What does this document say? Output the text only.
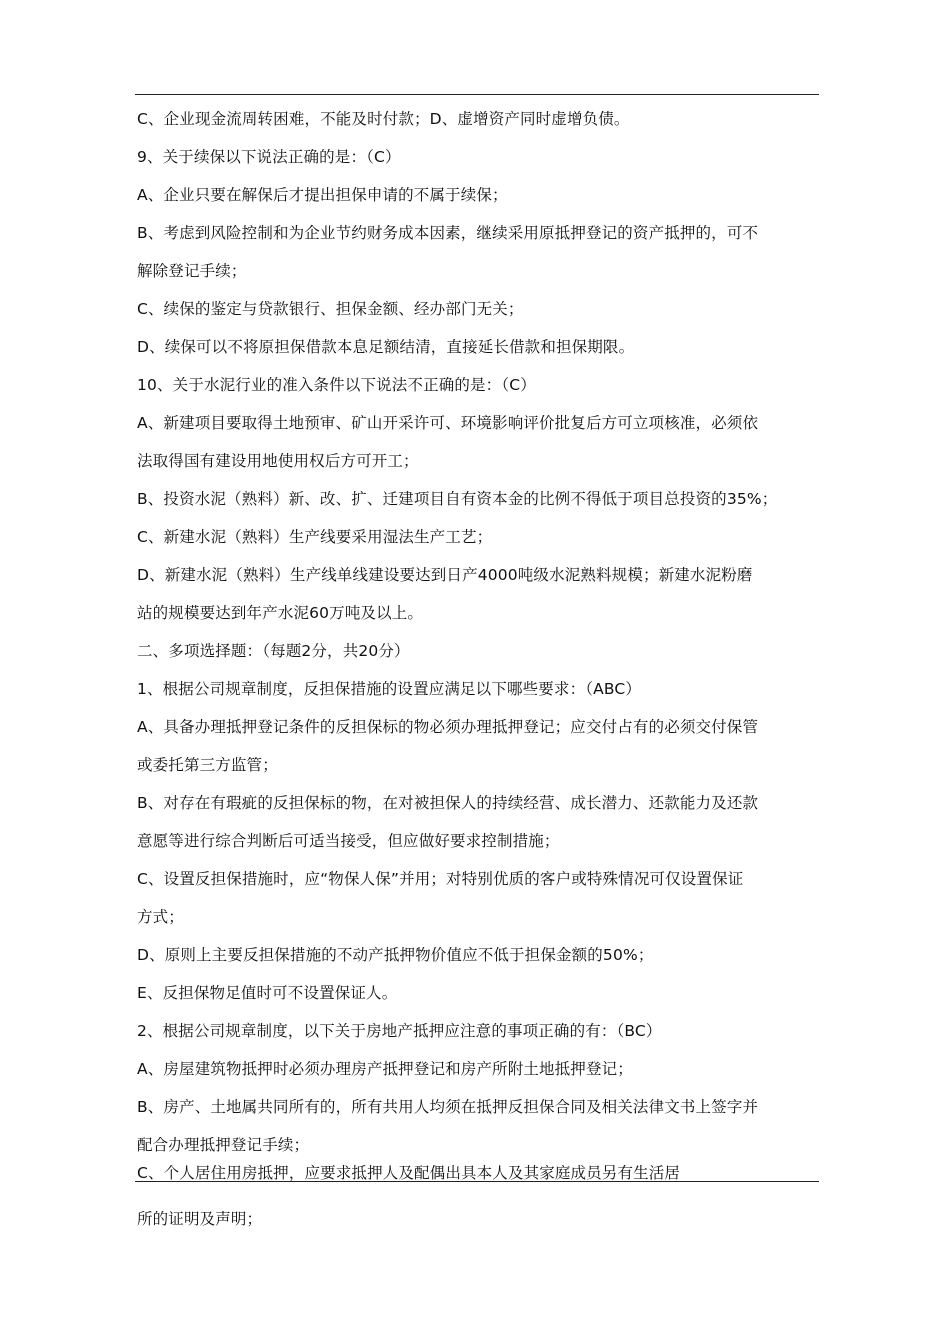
C、企业现金流周转困难，不能及时付款；D、虚增资产同时虚增负债。
9、关于续保以下说法正确的是：（C）
A、企业只要在解保后才提出担保申请的不属于续保；
B、考虑到风险控制和为企业节约财务成本因素，继续采用原抵押登记的资产抵押的，可不
解除登记手续；
C、续保的鉴定与贷款银行、担保金额、经办部门无关；
D、续保可以不将原担保借款本息足额结清，直接延长借款和担保期限。
10、关于水泥行业的准入条件以下说法不正确的是：（C）
A、新建项目要取得土地预审、矿山开采许可、环境影响评价批复后方可立项核准，必须依
法取得国有建设用地使用权后方可开工；
B、投资水泥（熟料）新、改、扩、迁建项目自有资本金的比例不得低于项目总投资的35%；
C、新建水泥（熟料）生产线要采用湿法生产工艺；
D、新建水泥（熟料）生产线单线建设要达到日产4000吨级水泥熟料规模；新建水泥粉磨
站的规模要达到年产水泥60万吨及以上。
二、多项选择题：（每题2分，共20分）
1、根据公司规章制度，反担保措施的设置应满足以下哪些要求：（ABC）
A、具备办理抵押登记条件的反担保标的物必须办理抵押登记；应交付占有的必须交付保管
或委托第三方监管；
B、对存在有瑕疵的反担保标的物，在对被担保人的持续经营、成长潜力、还款能力及还款
意愿等进行综合判断后可适当接受，但应做好要求控制措施；
C、设置反担保措施时，应“物保人保”并用；对特别优质的客户或特殊情况可仅设置保证
方式；
D、原则上主要反担保措施的不动产抵押物价值应不低于担保金额的50%；
E、反担保物足值时可不设置保证人。
2、根据公司规章制度，以下关于房地产抵押应注意的事项正确的有：（BC）
A、房屋建筑物抵押时必须办理房产抵押登记和房产所附土地抵押登记；
B、房产、土地属共同所有的，所有共用人均须在抵押反担保合同及相关法律文书上签字并
配合办理抵押登记手续；
C、个人居住用房抵押，应要求抵押人及配偶出具本人及其家庭成员另有生活居
所的证明及声明；
